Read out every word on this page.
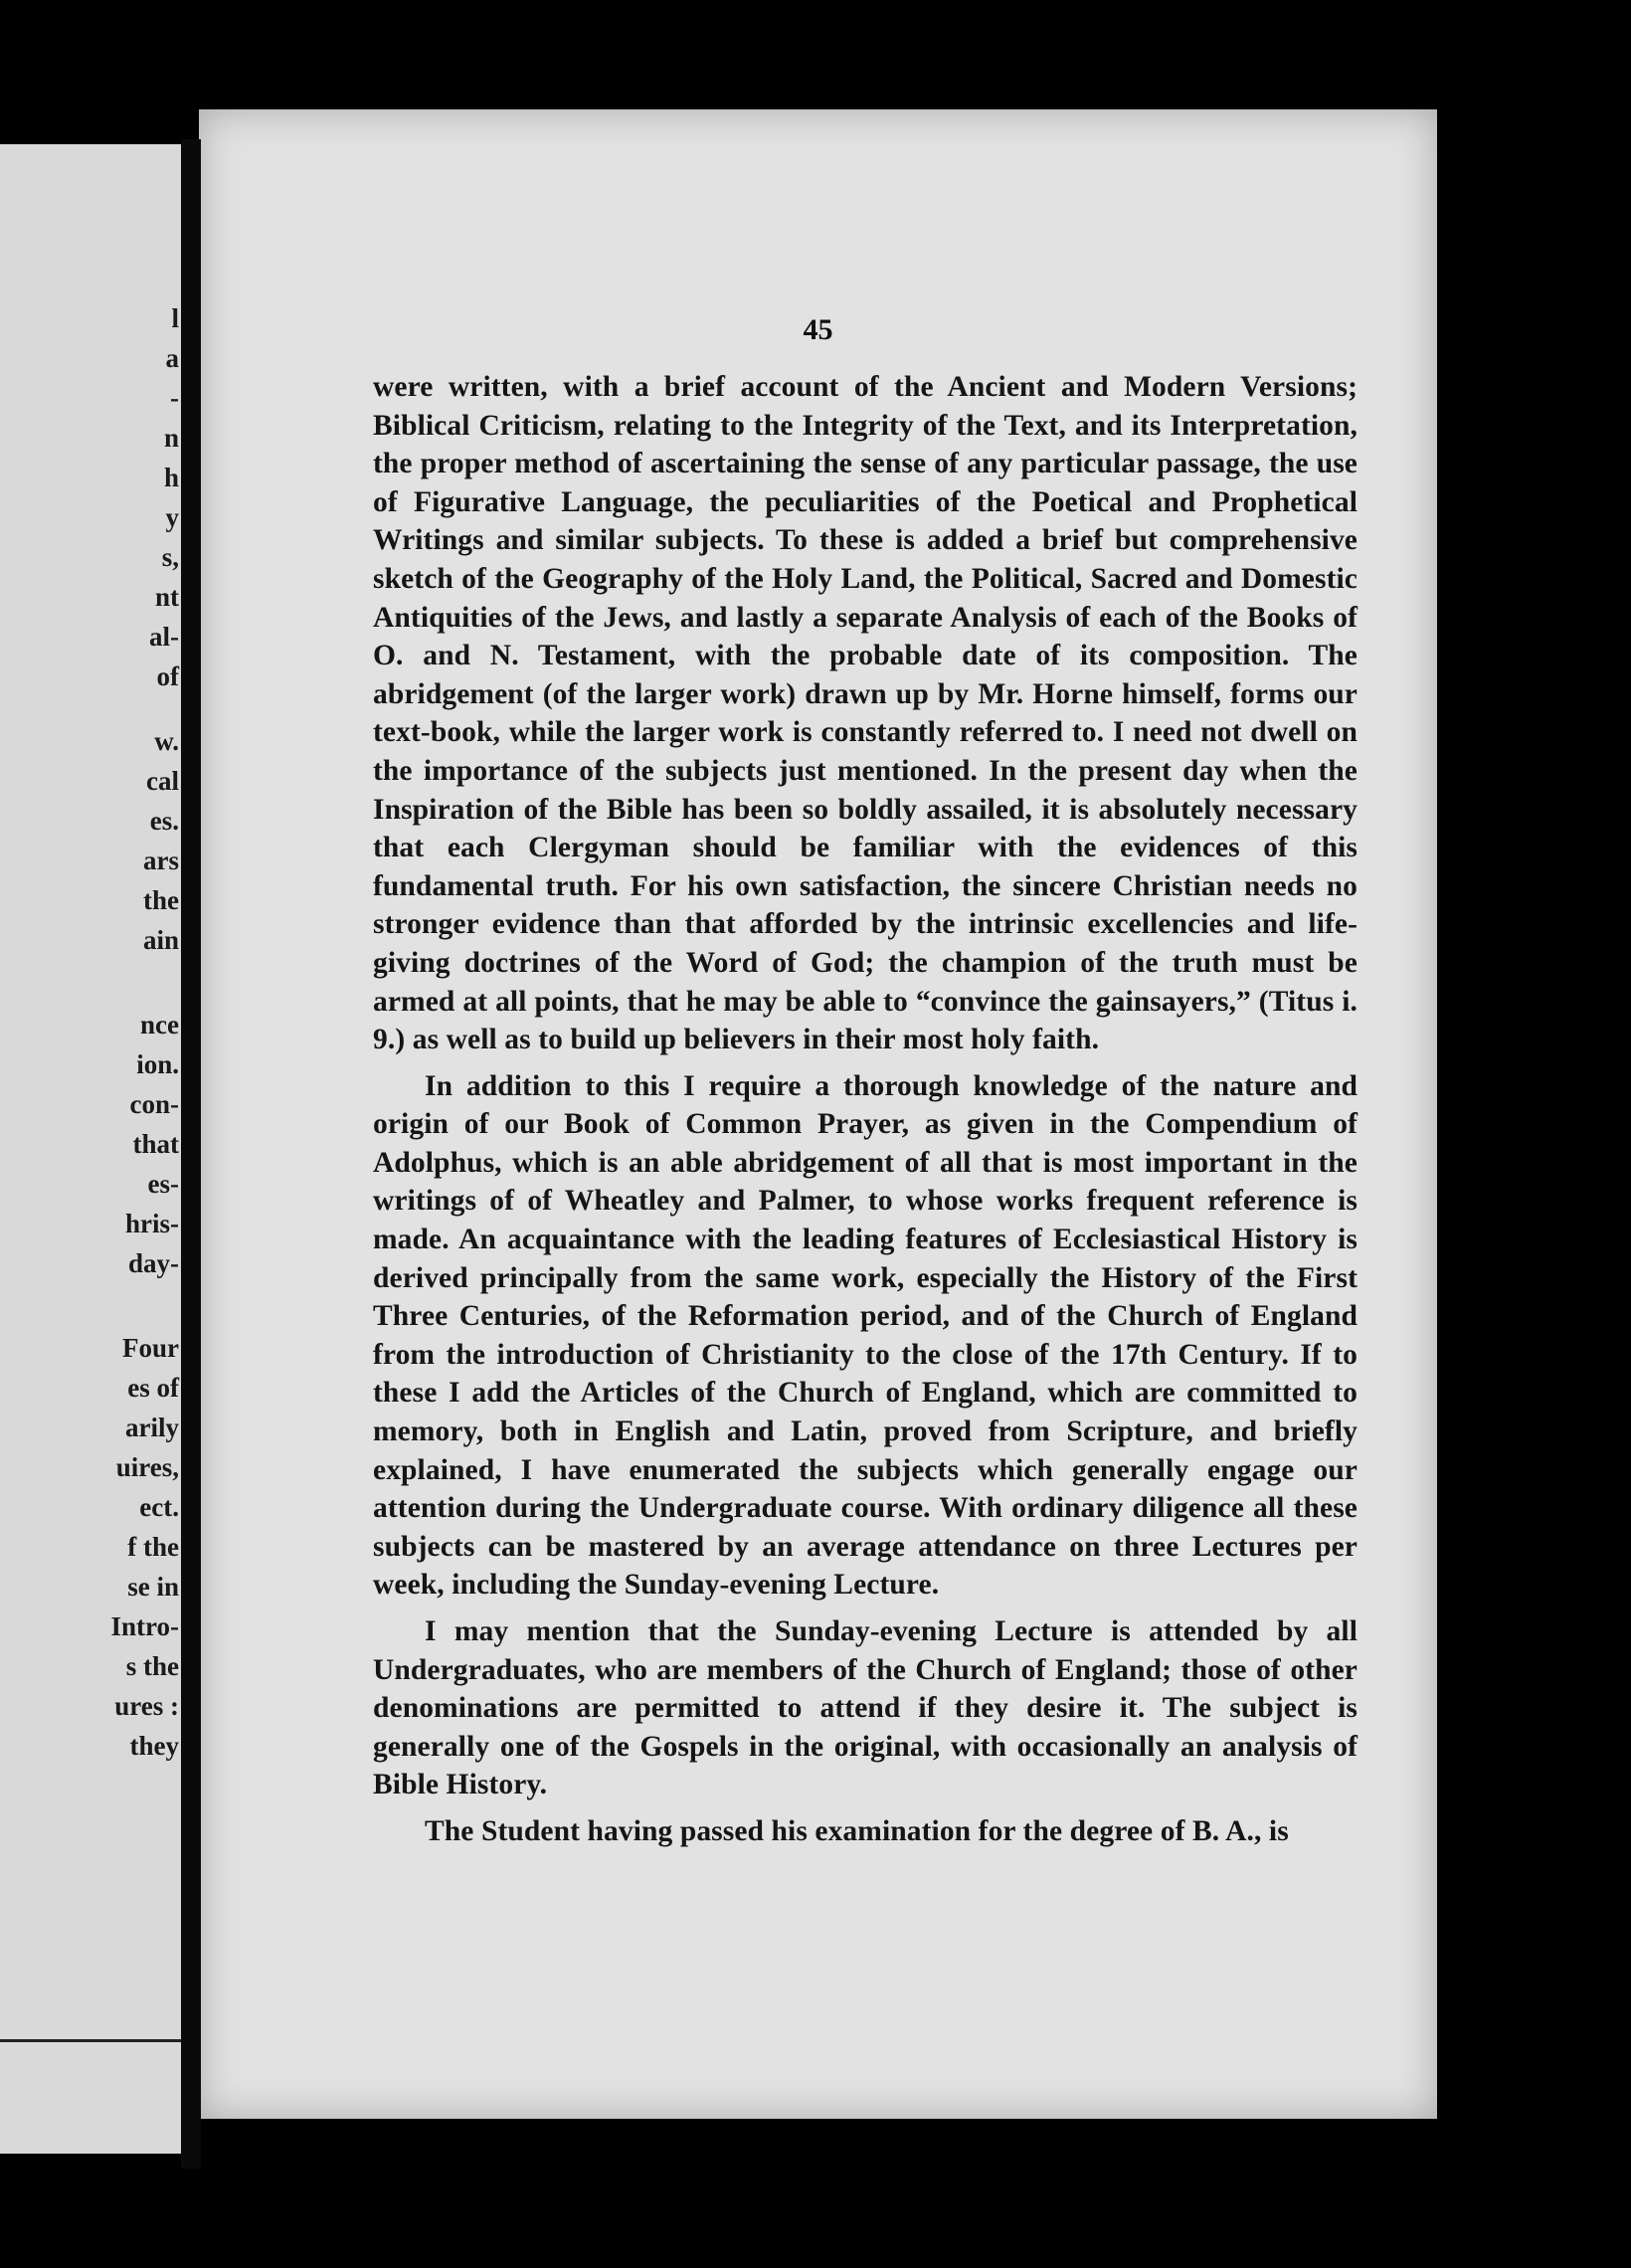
l
a
-
n
h
y
s,
nt
al-
of
w.
cal
es.
ars
the
ain
nce
ion.
con-
that
es-
hris-
day-
Four
es of
arily
uires,
ect.
f the
se in
Intro-
s the
ures :
they
45

were written, with a brief account of the Ancient and Modern Versions; Biblical Criticism, relating to the Integrity of the Text, and its Interpretation, the proper method of ascertaining the sense of any particular passage, the use of Figurative Language, the peculiarities of the Poetical and Prophetical Writings and similar subjects. To these is added a brief but comprehensive sketch of the Geography of the Holy Land, the Political, Sacred and Domestic Antiquities of the Jews, and lastly a separate Analysis of each of the Books of O. and N. Testament, with the probable date of its composition. The abridgement (of the larger work) drawn up by Mr. Horne himself, forms our text-book, while the larger work is constantly referred to. I need not dwell on the importance of the subjects just mentioned. In the present day when the Inspiration of the Bible has been so boldly assailed, it is absolutely necessary that each Clergyman should be familiar with the evidences of this fundamental truth. For his own satisfaction, the sincere Christian needs no stronger evidence than that afforded by the intrinsic excellencies and life-giving doctrines of the Word of God; the champion of the truth must be armed at all points, that he may be able to “convince the gainsayers,” (Titus i. 9.) as well as to build up believers in their most holy faith.

In addition to this I require a thorough knowledge of the nature and origin of our Book of Common Prayer, as given in the Compendium of Adolphus, which is an able abridgement of all that is most important in the writings of of Wheatley and Palmer, to whose works frequent reference is made. An acquaintance with the leading features of Ecclesiastical History is derived principally from the same work, especially the History of the First Three Centuries, of the Reformation period, and of the Church of England from the introduction of Christianity to the close of the 17th Century. If to these I add the Articles of the Church of England, which are committed to memory, both in English and Latin, proved from Scripture, and briefly explained, I have enumerated the subjects which generally engage our attention during the Undergraduate course. With ordinary diligence all these subjects can be mastered by an average attendance on three Lectures per week, including the Sunday-evening Lecture.

I may mention that the Sunday-evening Lecture is attended by all Undergraduates, who are members of the Church of England; those of other denominations are permitted to attend if they desire it. The subject is generally one of the Gospels in the original, with occasionally an analysis of Bible History.

The Student having passed his examination for the degree of B. A., is
